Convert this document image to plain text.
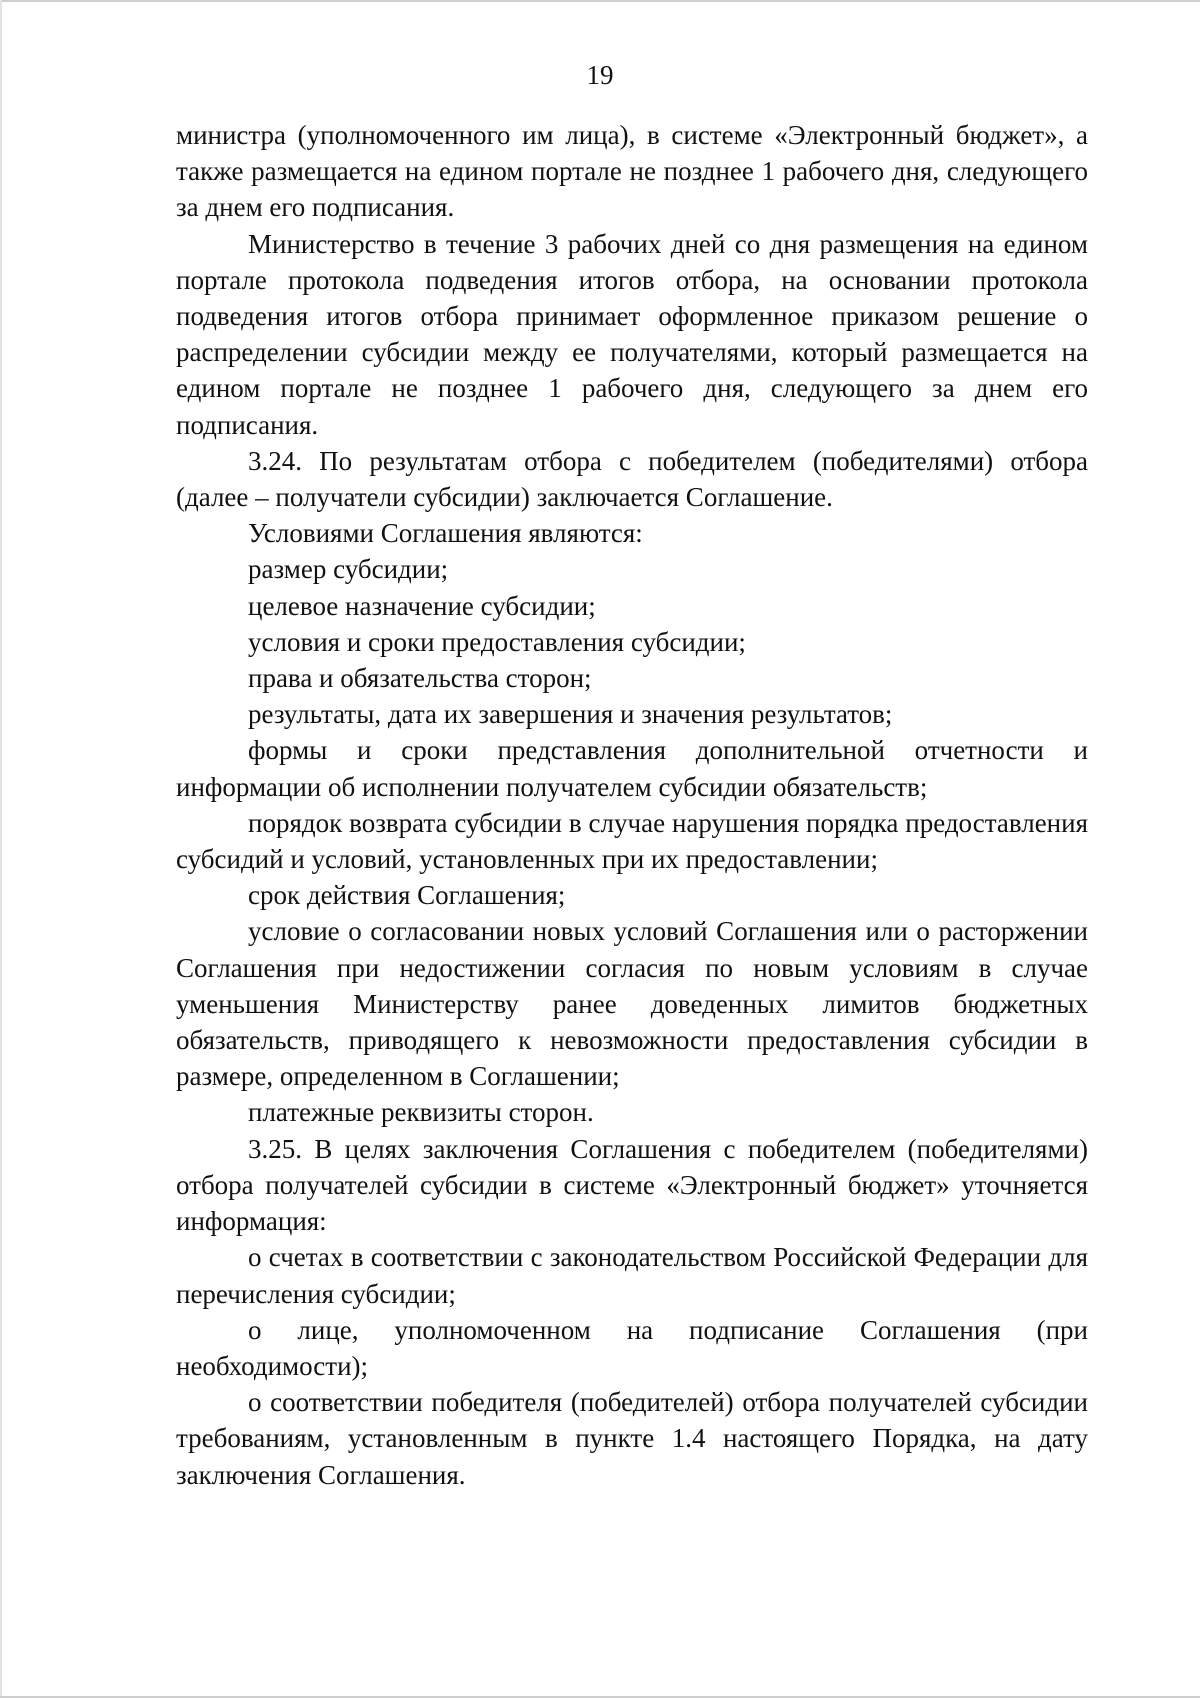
19

министра (уполномоченного им лица), в системе «Электронный бюджет», а также размещается на едином портале не позднее 1 рабочего дня, следующего за днем его подписания.

Министерство в течение 3 рабочих дней со дня размещения на едином портале протокола подведения итогов отбора, на основании протокола подведения итогов отбора принимает оформленное приказом решение о распределении субсидии между ее получателями, который размещается на едином портале не позднее 1 рабочего дня, следующего за днем его подписания.

3.24. По результатам отбора с победителем (победителями) отбора (далее – получатели субсидии) заключается Соглашение.

Условиями Соглашения являются:

размер субсидии;

целевое назначение субсидии;

условия и сроки предоставления субсидии;

права и обязательства сторон;

результаты, дата их завершения и значения результатов;

формы и сроки представления дополнительной отчетности и информации об исполнении получателем субсидии обязательств;

порядок возврата субсидии в случае нарушения порядка предоставления субсидий и условий, установленных при их предоставлении;

срок действия Соглашения;

условие о согласовании новых условий Соглашения или о расторжении Соглашения при недостижении согласия по новым условиям в случае уменьшения Министерству ранее доведенных лимитов бюджетных обязательств, приводящего к невозможности предоставления субсидии в размере, определенном в Соглашении;

платежные реквизиты сторон.

3.25. В целях заключения Соглашения с победителем (победителями) отбора получателей субсидии в системе «Электронный бюджет» уточняется информация:

о счетах в соответствии с законодательством Российской Федерации для перечисления субсидии;

о лице, уполномоченном на подписание Соглашения (при необходимости);

о соответствии победителя (победителей) отбора получателей субсидии требованиям, установленным в пункте 1.4 настоящего Порядка, на дату заключения Соглашения.
